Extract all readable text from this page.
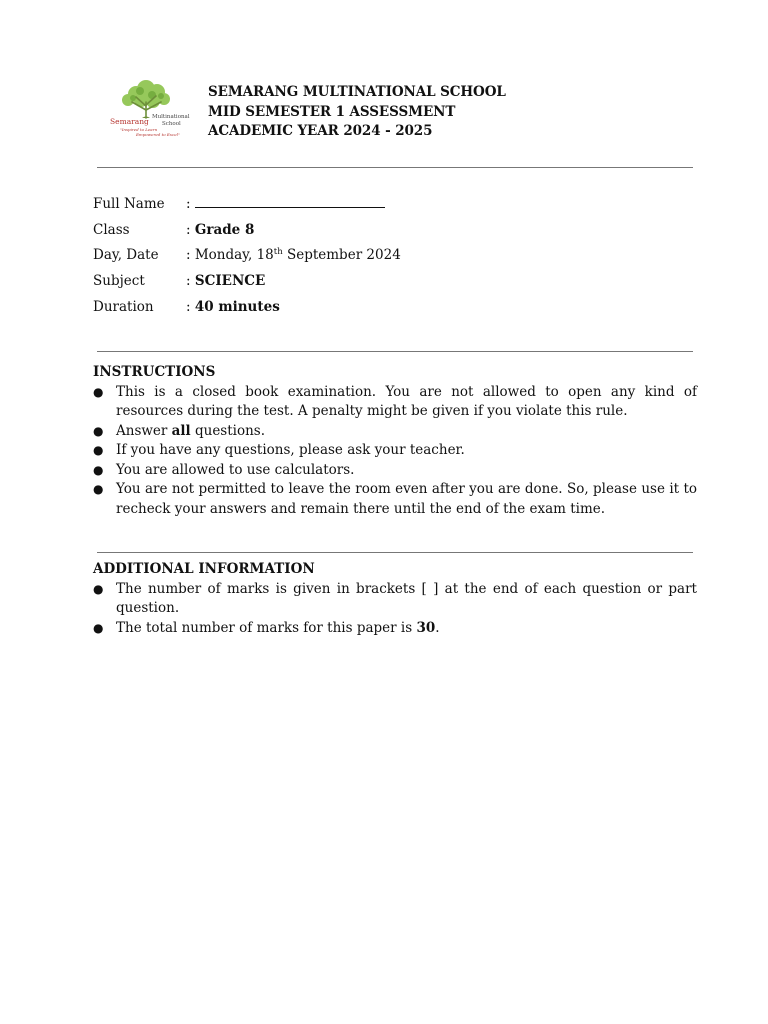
Semarang Multinational
School
"Inspired to Learn
Empowered to Excel"
SEMARANG MULTINATIONAL SCHOOL
MID SEMESTER 1 ASSESSMENT
ACADEMIC YEAR 2024 - 2025
Full Name :
Class	: Grade 8
Day, Date : Monday, 18th September 2024
Subject	: SCIENCE
Duration : 40 minutes
INSTRUCTIONS
● This is a closed book examination. You are not allowed to open any kind of resources during the test. A penalty might be given if you violate this rule.
● Answer all questions.
● If you have any questions, please ask your teacher.
● You are allowed to use calculators.
● You are not permitted to leave the room even after you are done. So, please use it to recheck your answers and remain there until the end of the exam time.
ADDITIONAL INFORMATION
● The number of marks is given in brackets [ ] at the end of each question or part question.
● The total number of marks for this paper is 30.
